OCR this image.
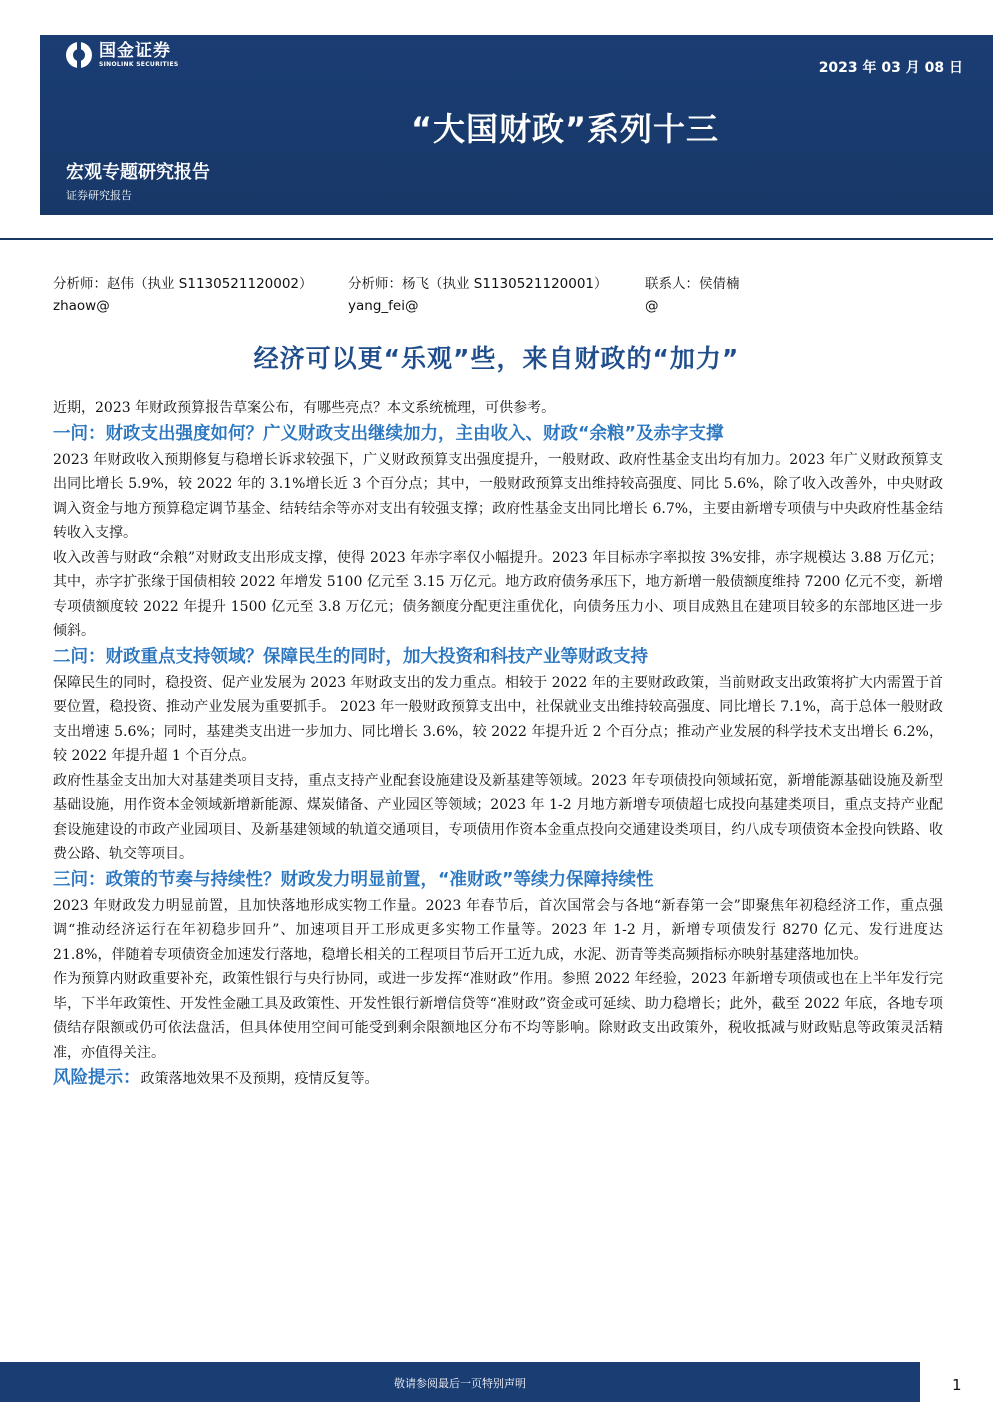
国金证券
SINOLINK SECURITIES	2023 年 03 月 08 日
“大国财政”系列十三
宏观专题研究报告
证券研究报告
分析师：赵伟（执业 S1130521120002）
zhaow@
分析师：杨飞（执业 S1130521120001）
yang_fei@
联系人：侯倩楠
@
经济可以更“乐观”些，来自财政的“加力”

近期，2023 年财政预算报告草案公布，有哪些亮点？本文系统梳理，可供参考。

一问：财政支出强度如何？广义财政支出继续加力，主由收入、财政“余粮”及赤字支撑

2023 年财政收入预期修复与稳增长诉求较强下，广义财政预算支出强度提升，一般财政、政府性基金支出均有加力。2023 年广义财政预算支出同比增长 5.9%，较 2022 年的 3.1%增长近 3 个百分点；其中，一般财政预算支出维持较高强度、同比 5.6%，除了收入改善外，中央财政调入资金与地方预算稳定调节基金、结转结余等亦对支出有较强支撑；政府性基金支出同比增长 6.7%，主要由新增专项债与中央政府性基金结转收入支撑。

收入改善与财政“余粮”对财政支出形成支撑，使得 2023 年赤字率仅小幅提升。2023 年目标赤字率拟按 3%安排，赤字规模达 3.88 万亿元；其中，赤字扩张缘于国债相较 2022 年增发 5100 亿元至 3.15 万亿元。地方政府债务承压下，地方新增一般债额度维持 7200 亿元不变，新增专项债额度较 2022 年提升 1500 亿元至 3.8 万亿元；债务额度分配更注重优化，向债务压力小、项目成熟且在建项目较多的东部地区进一步倾斜。

二问：财政重点支持领域？保障民生的同时，加大投资和科技产业等财政支持

保障民生的同时，稳投资、促产业发展为 2023 年财政支出的发力重点。相较于 2022 年的主要财政政策，当前财政支出政策将扩大内需置于首要位置，稳投资、推动产业发展为重要抓手。 2023 年一般财政预算支出中，社保就业支出维持较高强度、同比增长 7.1%，高于总体一般财政支出增速 5.6%；同时，基建类支出进一步加力、同比增长 3.6%，较 2022 年提升近 2 个百分点；推动产业发展的科学技术支出增长 6.2%，较 2022 年提升超 1 个百分点。

政府性基金支出加大对基建类项目支持，重点支持产业配套设施建设及新基建等领域。2023 年专项债投向领域拓宽，新增能源基础设施及新型基础设施，用作资本金领域新增新能源、煤炭储备、产业园区等领域；2023 年 1-2 月地方新增专项债超七成投向基建类项目，重点支持产业配套设施建设的市政产业园项目、及新基建领域的轨道交通项目，专项债用作资本金重点投向交通建设类项目，约八成专项债资本金投向铁路、收费公路、轨交等项目。

三问：政策的节奏与持续性？财政发力明显前置，“准财政”等续力保障持续性

2023 年财政发力明显前置，且加快落地形成实物工作量。2023 年春节后，首次国常会与各地“新春第一会”即聚焦年初稳经济工作，重点强调“推动经济运行在年初稳步回升”、加速项目开工形成更多实物工作量等。2023 年 1-2 月，新增专项债发行 8270 亿元、发行进度达 21.8%，伴随着专项债资金加速发行落地，稳增长相关的工程项目节后开工近九成，水泥、沥青等类高频指标亦映射基建落地加快。

作为预算内财政重要补充，政策性银行与央行协同，或进一步发挥“准财政”作用。参照 2022 年经验，2023 年新增专项债或也在上半年发行完毕，下半年政策性、开发性金融工具及政策性、开发性银行新增信贷等“准财政”资金或可延续、助力稳增长；此外，截至 2022 年底，各地专项债结存限额或仍可依法盘活，但具体使用空间可能受到剩余限额地区分布不均等影响。除财政支出政策外，税收抵减与财政贴息等政策灵活精准，亦值得关注。

风险提示：政策落地效果不及预期，疫情反复等。

敬请参阅最后一页特别声明	1
